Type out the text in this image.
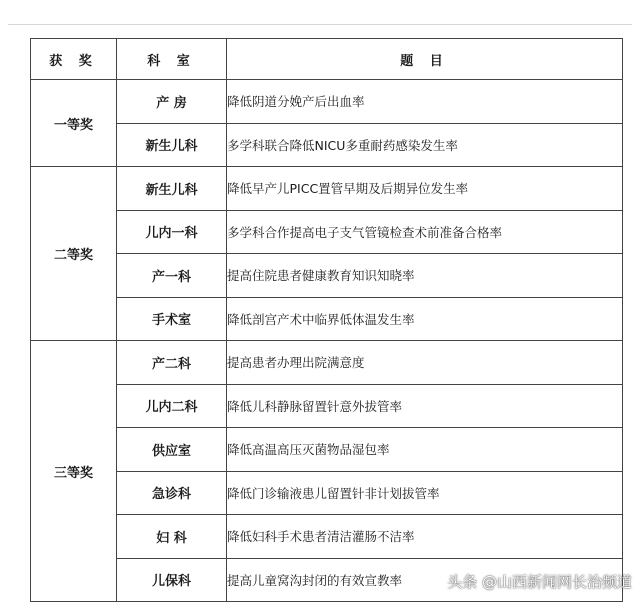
获 奖	科 室	题 目
一等奖	产 房	降低阴道分娩产后出血率
	新生儿科	多学科联合降低NICU多重耐药感染发生率
二等奖	新生儿科	降低早产儿PICC置管早期及后期异位发生率
	儿内一科	多学科合作提高电子支气管镜检查术前准备合格率
	产一科	提高住院患者健康教育知识知晓率
	手术室	降低剖宫产术中临界低体温发生率
三等奖	产二科	提高患者办理出院满意度
	儿内二科	降低儿科静脉留置针意外拔管率
	供应室	降低高温高压灭菌物品湿包率
	急诊科	降低门诊输液患儿留置针非计划拔管率
	妇 科	降低妇科手术患者清洁灌肠不洁率
	儿保科	提高儿童窝沟封闭的有效宣教率	头条 @山西新闻网长治频道
